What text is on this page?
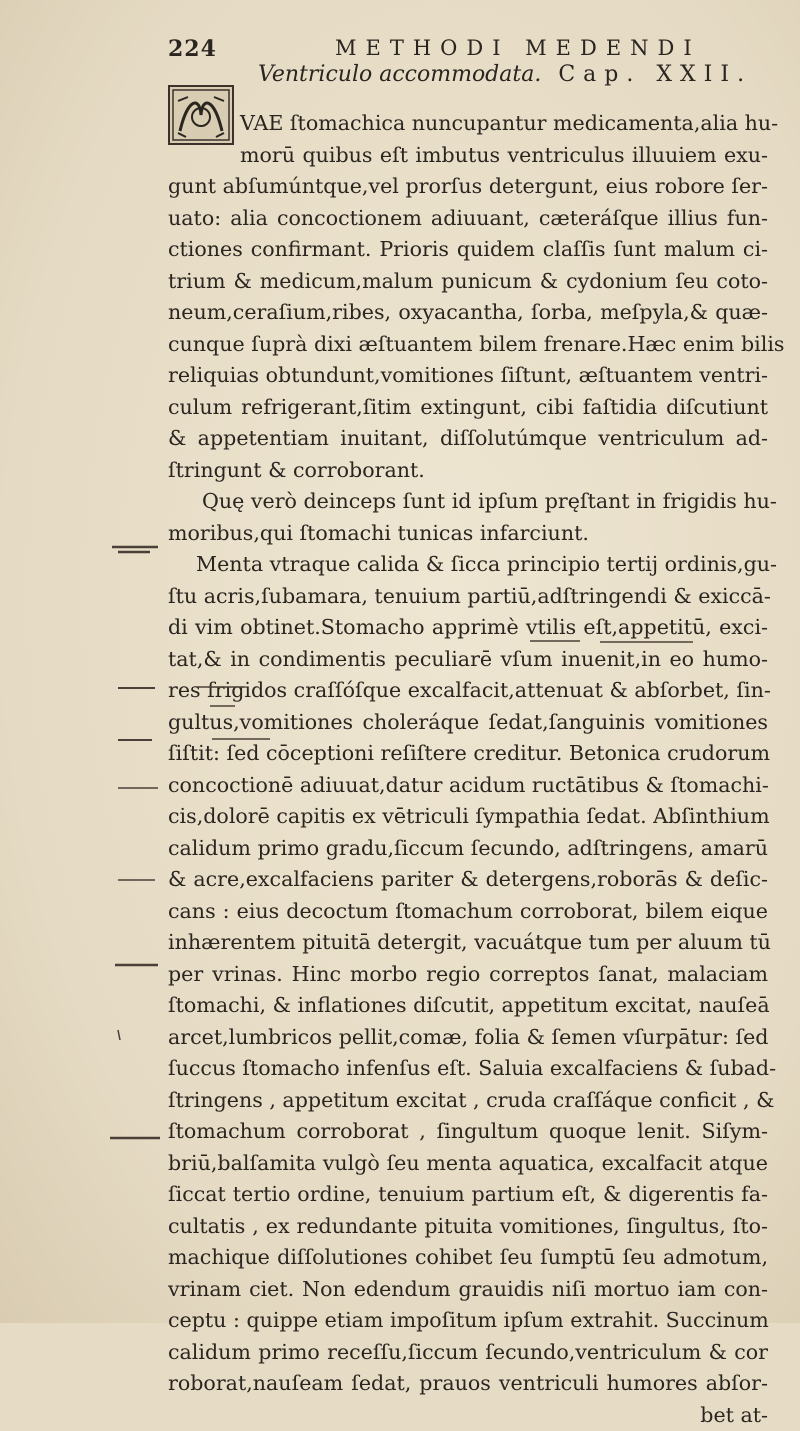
224	METHODI MEDENDI
Ventriculo accommodata. Cap. XXII.
VAE ſtomachica nuncupantur medicamenta,alia hu-
morū quibus eſt imbutus ventriculus illuuiem exu-
gunt abſumúntque,vel prorſus detergunt, eius robore ſer-
uato: alia concoctionem adiuuant, cæteráſque illius fun-
ctiones confirmant. Prioris quidem claſſis ſunt malum ci-
trium & medicum,malum punicum & cydonium ſeu coto-
neum,ceraſium,ribes, oxyacantha, ſorba, meſpyla,& quæ-
cunque ſuprà dixi æſtuantem bilem frenare.Hæc enim bilis
reliquias obtundunt,vomitiones ſiſtunt, æſtuantem ventri-
culum refrigerant,ſitim extingunt, cibi faſtidia diſcutiunt
& appetentiam inuitant, diſſolutúmque ventriculum ad-
ſtringunt & corroborant.
Quę verò deinceps ſunt id ipſum pręſtant in frigidis hu-
moribus,qui ſtomachi tunicas infarciunt.
Menta vtraque calida & ſicca principio tertij ordinis,gu-
ſtu acris,ſubamara, tenuium partiū,adſtringendi & exiccā-
di vim obtinet.Stomacho apprimè vtilis eſt,appetitū, exci-
tat,& in condimentis peculiarē vſum inuenit,in eo humo-
res frigidos craſſóſque excalfacit,attenuat & abſorbet, ſin-
gultus,vomitiones choleráque ſedat,ſanguinis vomitiones
ſiſtit: ſed cōceptioni reſiſtere creditur. Betonica crudorum
concoctionē adiuuat,datur acidum ructātibus & ſtomachi-
cis,dolorē capitis ex vētriculi ſympathia ſedat. Abſinthium
calidum primo gradu,ſiccum ſecundo, adſtringens, amarū
& acre,excalfaciens pariter & detergens,roborās & deſic-
cans : eius decoctum ſtomachum corroborat, bilem eique
inhærentem pituitā detergit, vacuátque tum per aluum tū
per vrinas. Hinc morbo regio correptos ſanat, malaciam
ſtomachi, & inflationes diſcutit, appetitum excitat, nauſeā
arcet,lumbricos pellit,comæ, folia & ſemen vſurpātur: ſed
ſuccus ſtomacho infenſus eſt. Saluia excalfaciens & ſubad-
ſtringens , appetitum excitat , cruda craſſáque conficit , &
ſtomachum corroborat , ſingultum quoque lenit. Siſym-
briū,balſamita vulgò ſeu menta aquatica, excalfacit atque
ſiccat tertio ordine, tenuium partium eſt, & digerentis fa-
cultatis , ex redundante pituita vomitiones, ſingultus, ſto-
machique diſſolutiones cohibet ſeu ſumptū ſeu admotum,
vrinam ciet. Non edendum grauidis niſi mortuo iam con-
ceptu : quippe etiam impoſitum ipſum extrahit. Succinum
calidum primo receſſu,ſiccum ſecundo,ventriculum & cor
roborat,nauſeam ſedat, prauos ventriculi humores abſor-
bet at-
